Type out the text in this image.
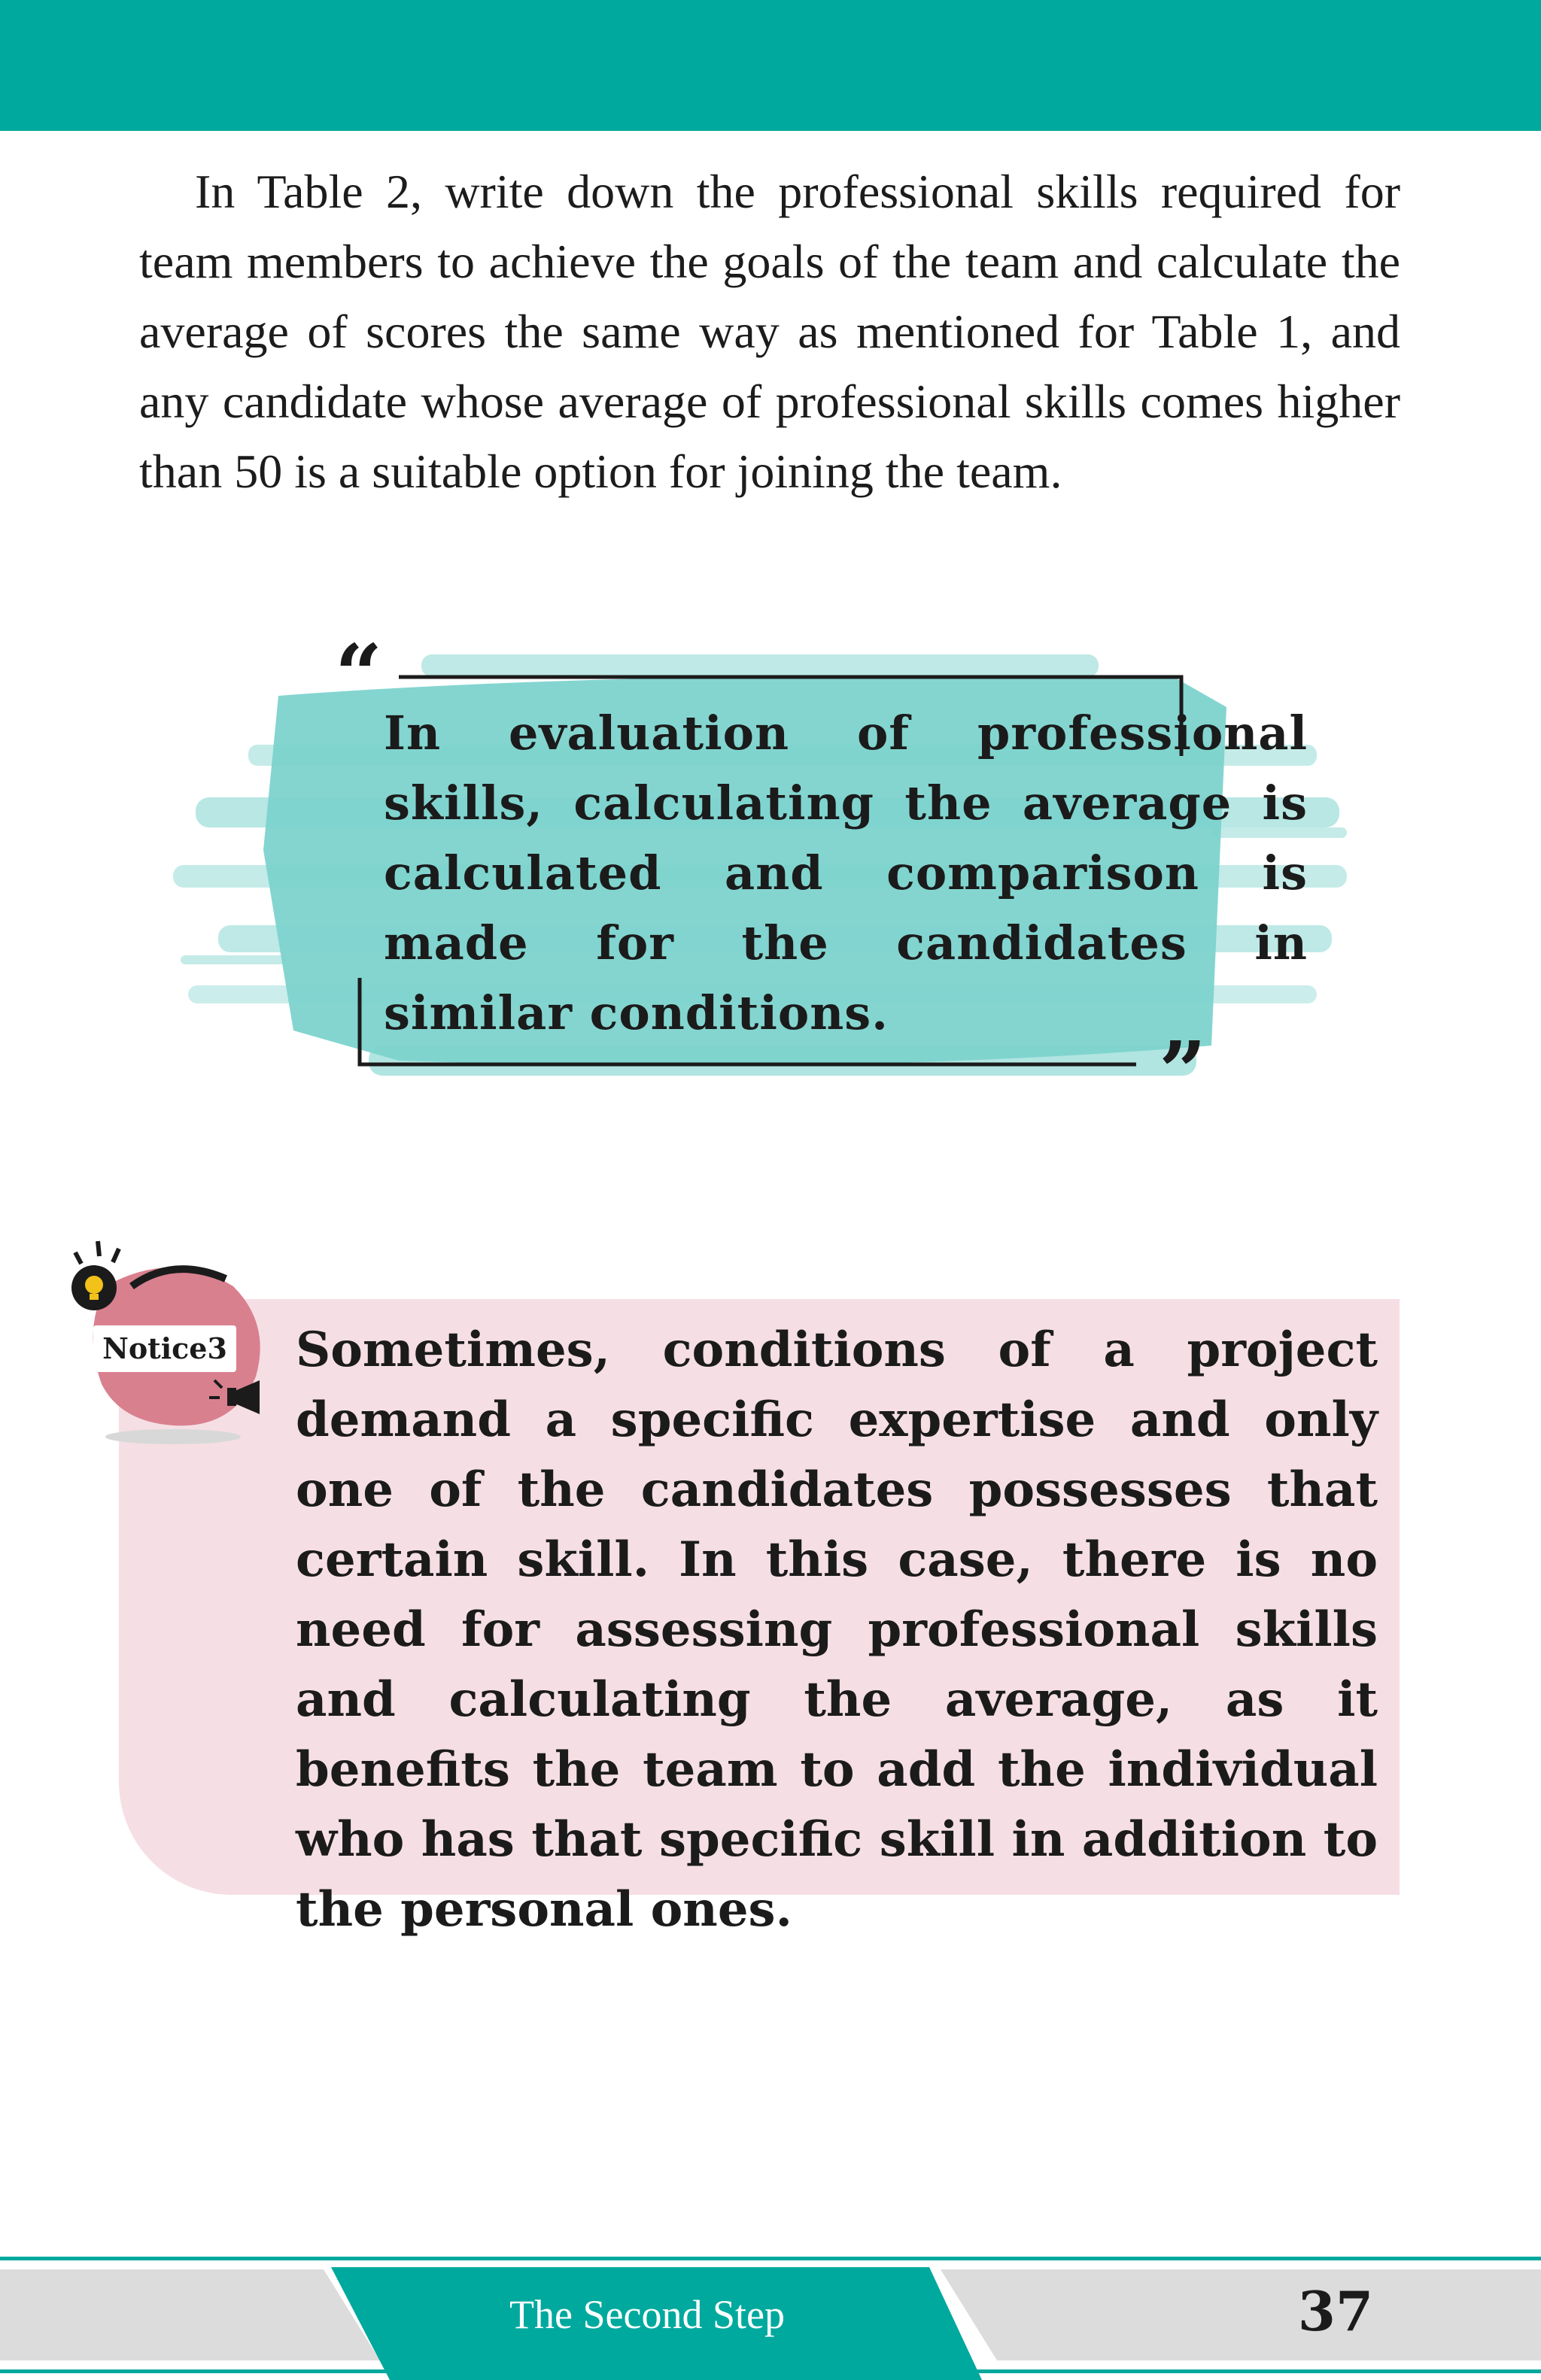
In Table 2, write down the professional skills required for team members to achieve the goals of the team and calculate the average of scores the same way as mentioned for Table 1, and any candidate whose average of professional skills comes higher than 50 is a suitable option for joining the team.

“

In evaluation of professional skills, calculating the average is calculated and comparison is made for the candidates in similar conditions.

”
Notice3 Sometimes, conditions of a project demand a specific expertise and only one of the candidates possesses that certain skill. In this case, there is no need for assessing professional skills and calculating the average, as it benefits the team to add the individual who has that specific skill in addition to the personal ones.

The Second Step	37
